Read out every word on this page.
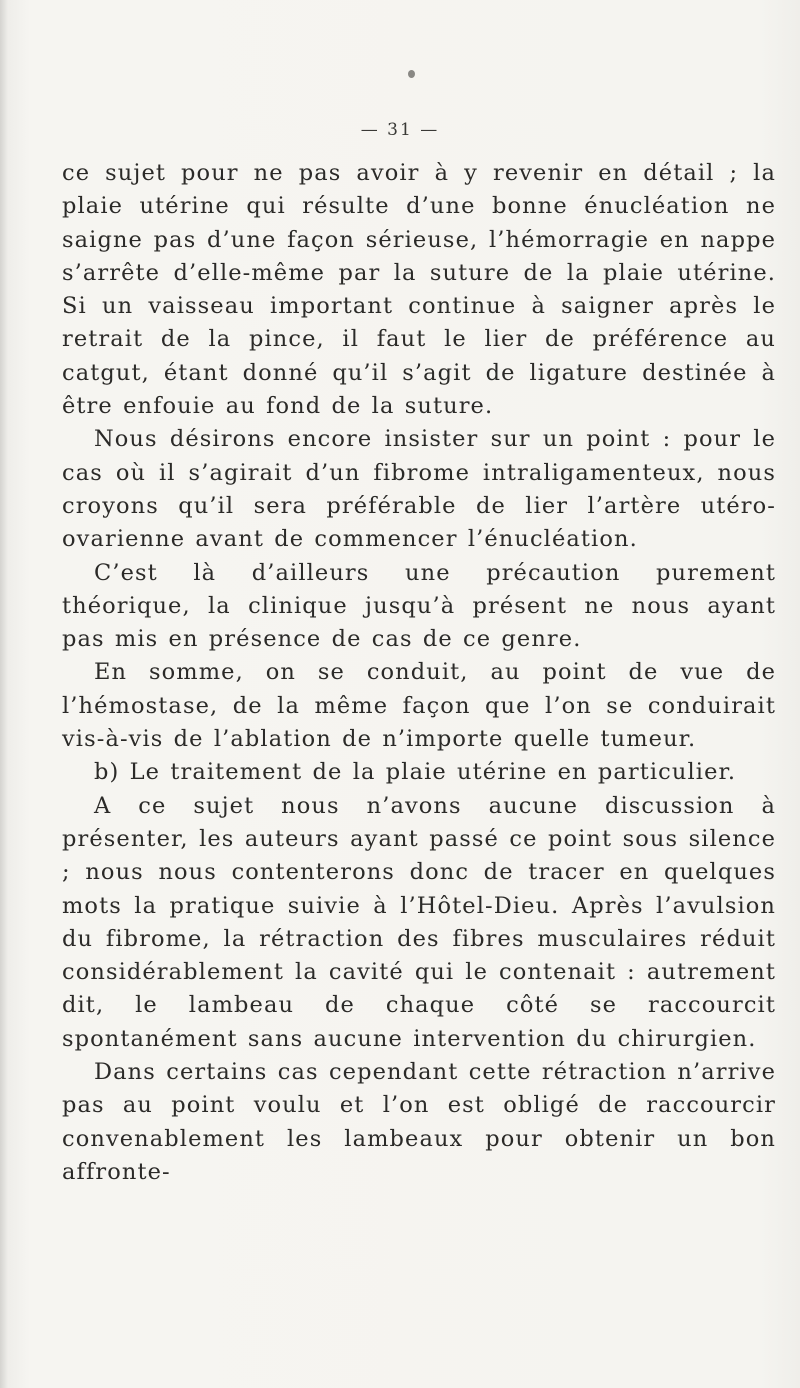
— 31 —

ce sujet pour ne pas avoir à y revenir en détail ; la plaie utérine qui résulte d’une bonne énucléation ne saigne pas d’une façon sérieuse, l’hémorragie en nappe s’arrête d’elle-même par la suture de la plaie utérine. Si un vaisseau important continue à saigner après le retrait de la pince, il faut le lier de préférence au catgut, étant donné qu’il s’agit de ligature destinée à être enfouie au fond de la suture.

Nous désirons encore insister sur un point : pour le cas où il s’agirait d’un fibrome intraligamenteux, nous croyons qu’il sera préférable de lier l’artère utéro-ovarienne avant de commencer l’énucléation.

C’est là d’ailleurs une précaution purement théorique, la clinique jusqu’à présent ne nous ayant pas mis en présence de cas de ce genre.

En somme, on se conduit, au point de vue de l’hémostase, de la même façon que l’on se conduirait vis-à-vis de l’ablation de n’importe quelle tumeur.

b) Le traitement de la plaie utérine en particulier.

A ce sujet nous n’avons aucune discussion à présenter, les auteurs ayant passé ce point sous silence ; nous nous contenterons donc de tracer en quelques mots la pratique suivie à l’Hôtel-Dieu. Après l’avulsion du fibrome, la rétraction des fibres musculaires réduit considérablement la cavité qui le contenait : autrement dit, le lambeau de chaque côté se raccourcit spontanément sans aucune intervention du chirurgien.

Dans certains cas cependant cette rétraction n’arrive pas au point voulu et l’on est obligé de raccourcir convenablement les lambeaux pour obtenir un bon affronte-
